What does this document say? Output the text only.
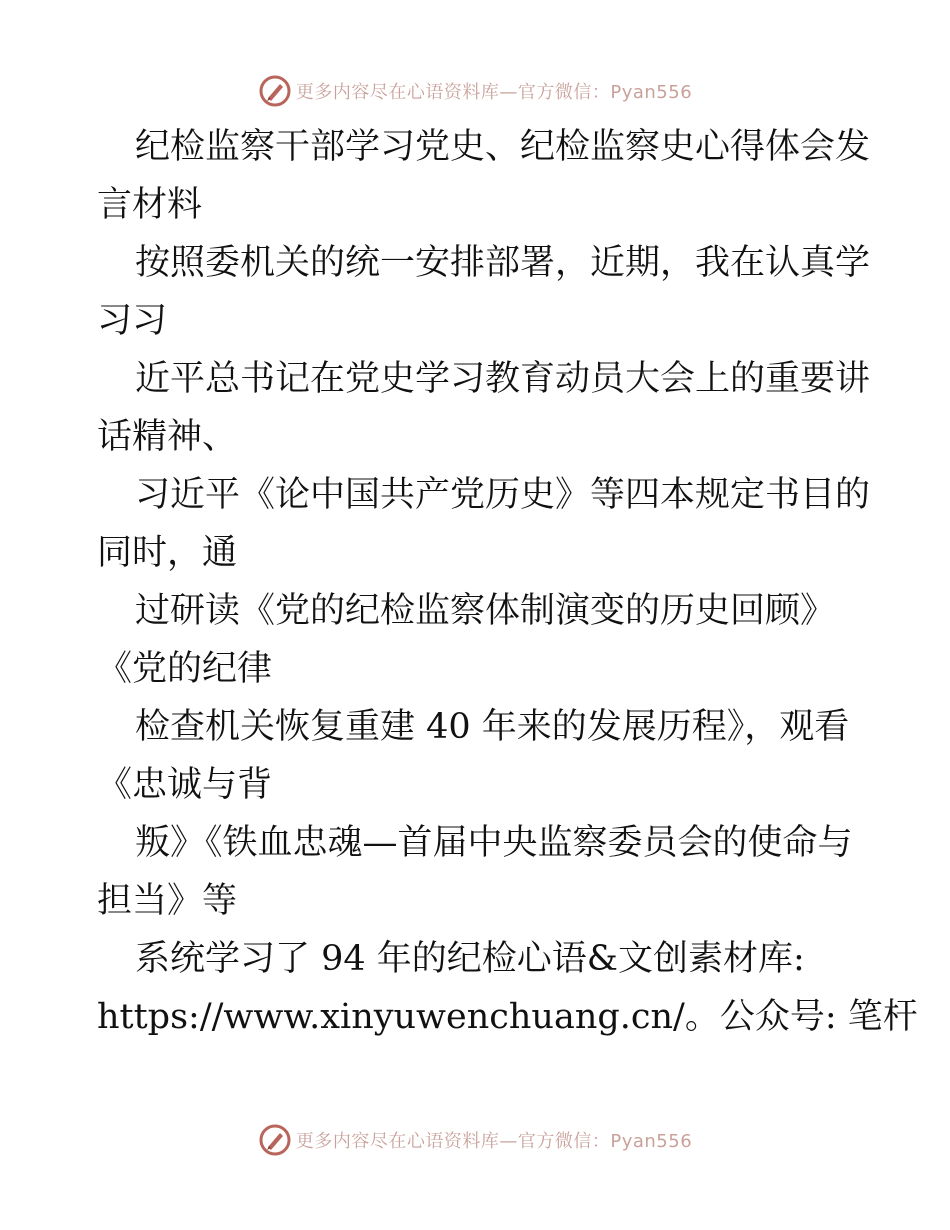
更多内容尽在心语资料库—官方微信：Pyan556
纪检监察干部学习党史、纪检监察史心得体会发
言材料
按照委机关的统一安排部署，近期，我在认真学
习习
近平总书记在党史学习教育动员大会上的重要讲
话精神、
习近平《论中国共产党历史》等四本规定书目的
同时，通
过研读《党的纪检监察体制演变的历史回顾》
《党的纪律
检查机关恢复重建 40 年来的发展历程》，观看
《忠诚与背
叛》《铁血忠魂—首届中央监察委员会的使命与
担当》等
系统学习了 94 年的纪检心语&文创素材库:
https://www.xinyuwenchuang.cn/。公众号: 笔杆
更多内容尽在心语资料库—官方微信：Pyan556
